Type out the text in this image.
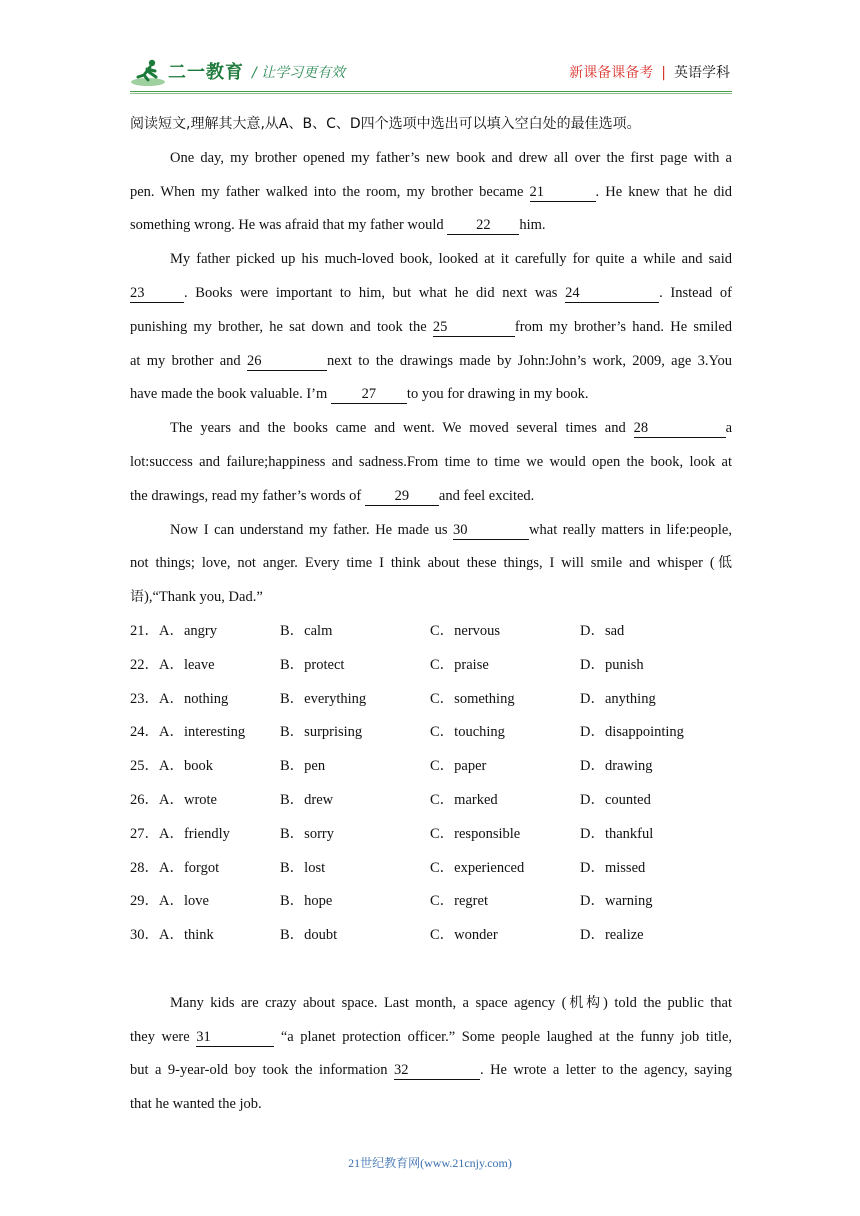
二一教育 / 让学习更有效	新课备课备考 | 英语学科
阅读短文,理解其大意,从A、B、C、D四个选项中选出可以填入空白处的最佳选项。
One day, my brother opened my father’s new book and drew all over the first page with a
pen. When my father walked into the room, my brother became 21	. He knew that he did
something wrong. He was afraid that my father would 22 him.
My father picked up his much-loved book, looked at it carefully for quite a while and said
23	. Books were important to him, but what he did next was 24	. Instead of
punishing my brother, he sat down and took the 25	from my brother’s hand. He smiled
at my brother and 26	next to the drawings made by John:John’s work, 2009, age 3.You
have made the book valuable. I’m 27 to you for drawing in my book.
The years and the books came and went. We moved several times and 28	a
lot:success and failure;happiness and sadness.From time to time we would open the book, look at
the drawings, read my father’s words of 29 and feel excited.
Now I can understand my father. He made us 30	what really matters in life:people,
not things; love, not anger. Every time I think about these things, I will smile and whisper (低
语),“Thank you, Dad.”
21．A．angry	B．calm	C．nervous	D．sad
22．A．leave	B．protect	C．praise	D．punish
23．A．nothing	B．everything	C．something	D．anything
24．A．interesting B．surprising	C．touching	D．disappointing
25．A．book	B．pen	C．paper	D．drawing
26．A．wrote	B．drew	C．marked	D．counted
27．A．friendly	B．sorry	C．responsible	D．thankful
28．A．forgot	B．lost	C．experienced	D．missed
29．A．love	B．hope	C．regret	D．warning
30．A．think	B．doubt	C．wonder	D．realize
Many kids are crazy about space. Last month, a space agency (机构) told the public that
they were 31	“a planet protection officer.” Some people laughed at the funny job title,
but a 9-year-old boy took the information 32	. He wrote a letter to the agency, saying
that he wanted the job.
21世纪教育网(www.21cnjy.com)
